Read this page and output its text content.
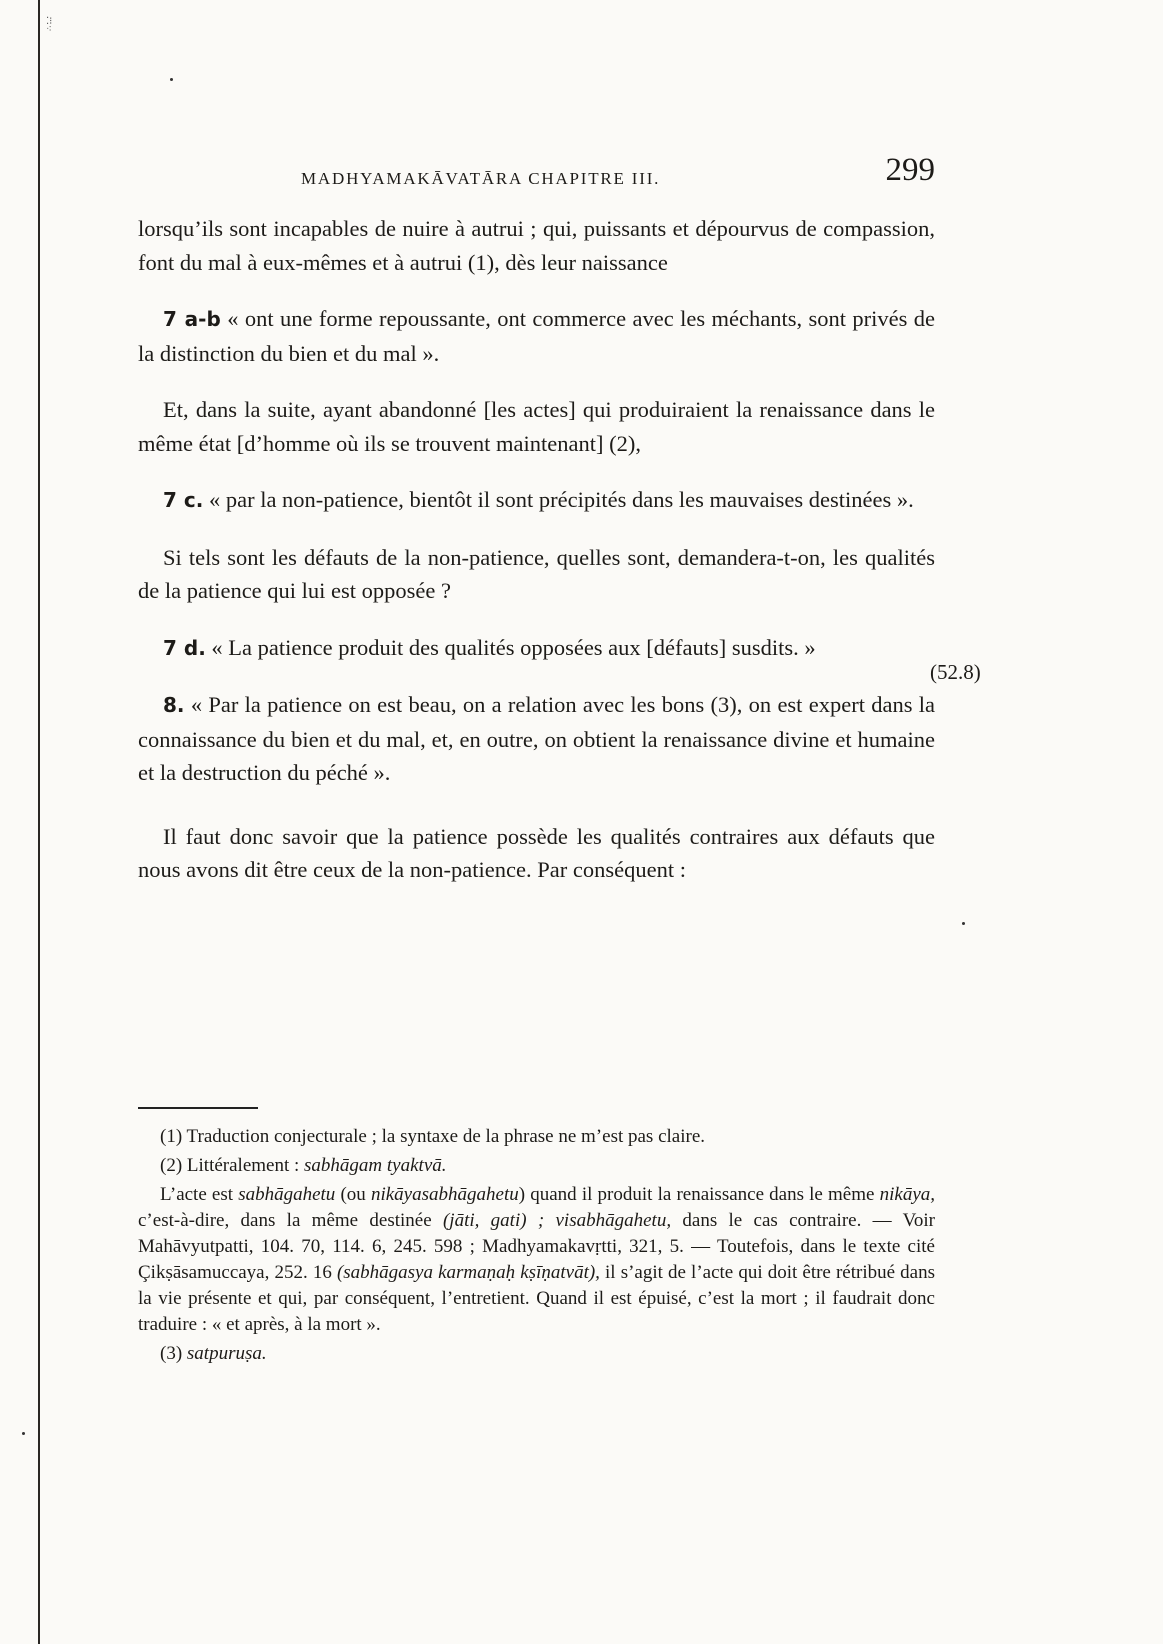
⁚⁝
⁖
MADHYAMAKĀVATĀRA CHAPITRE III.	299
(52.8)

lorsqu’ils sont incapables de nuire à autrui ; qui, puissants et dépourvus de compassion, font du mal à eux-mêmes et à autrui (1), dès leur naissance

7 a-b « ont une forme repoussante, ont commerce avec les méchants, sont privés de la distinction du bien et du mal ».

Et, dans la suite, ayant abandonné [les actes] qui produiraient la renaissance dans le même état [d’homme où ils se trouvent maintenant] (2),

7 c. « par la non-patience, bientôt il sont précipités dans les mauvaises destinées ».

Si tels sont les défauts de la non-patience, quelles sont, demandera-t-on, les qualités de la patience qui lui est opposée ?

7 d. « La patience produit des qualités opposées aux [défauts] susdits. »

8. « Par la patience on est beau, on a relation avec les bons (3), on est expert dans la connaissance du bien et du mal, et, en outre, on obtient la renaissance divine et humaine et la destruction du péché ».

Il faut donc savoir que la patience possède les qualités contraires aux défauts que nous avons dit être ceux de la non-patience. Par conséquent :

(1) Traduction conjecturale ; la syntaxe de la phrase ne m’est pas claire.

(2) Littéralement : sabhāgam tyaktvā.

L’acte est sabhāgahetu (ou nikāyasabhāgahetu) quand il produit la renaissance dans le même nikāya, c’est-à-dire, dans la même destinée (jāti, gati) ; visabhāgahetu, dans le cas contraire. — Voir Mahāvyutpatti, 104. 70, 114. 6, 245. 598 ; Madhyamakavṛtti, 321, 5. — Toutefois, dans le texte cité Çikṣāsamuccaya, 252. 16 (sabhāgasya karmaṇaḥ kṣīṇatvāt), il s’agit de l’acte qui doit être rétribué dans la vie présente et qui, par conséquent, l’entretient. Quand il est épuisé, c’est la mort ; il faudrait donc traduire : « et après, à la mort ».

(3) satpuruṣa.
